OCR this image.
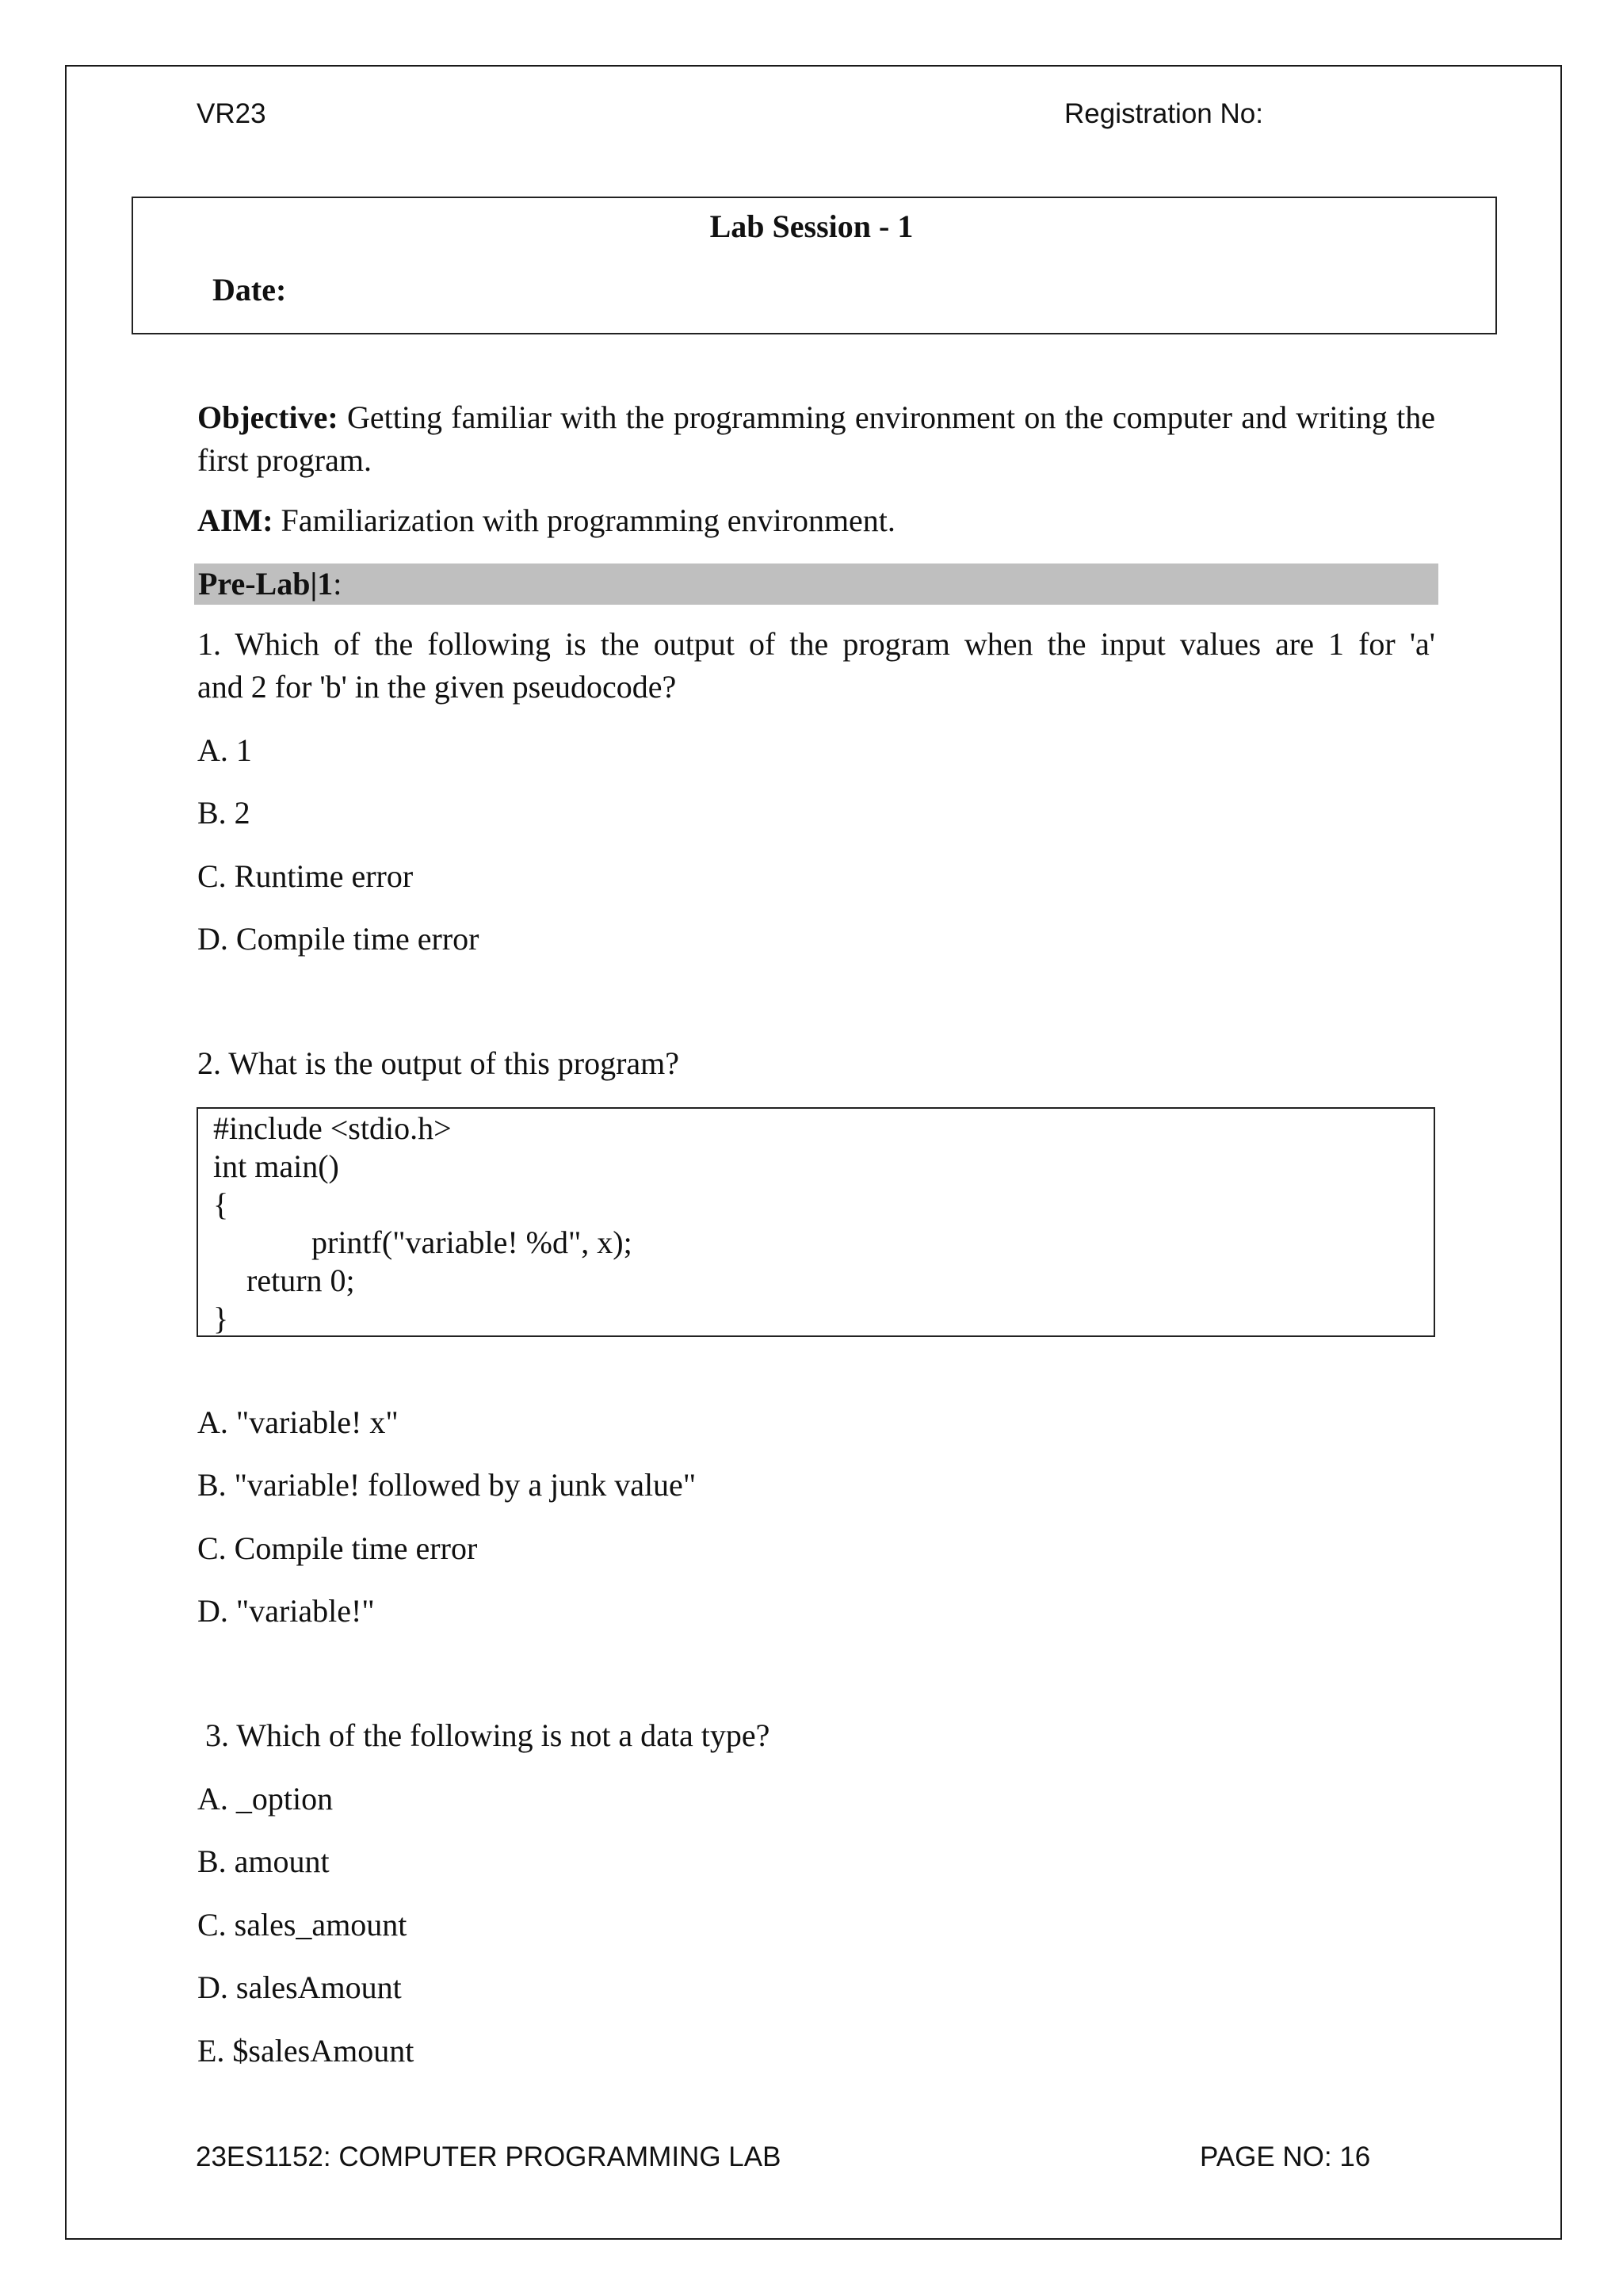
VR23	Registration No:
Lab Session - 1
Date:

Objective: Getting familiar with the programming environment on the computer and writing the first program.

AIM: Familiarization with programming environment.
Pre-Lab|1:
1. Which of the following is the output of the program when the input values are 1 for 'a'
and 2 for 'b' in the given pseudocode?
A. 1
B. 2
C. Runtime error
D. Compile time error
2. What is the output of this program?
#include <stdio.h>
int main()
{
printf("variable! %d", x);
return 0;
}
A. "variable! x"
B. "variable! followed by a junk value"
C. Compile time error
D. "variable!"
3. Which of the following is not a data type?
A. _option
B. amount
C. sales_amount
D. salesAmount
E. $salesAmount
23ES1152: COMPUTER PROGRAMMING LAB	PAGE NO: 16
